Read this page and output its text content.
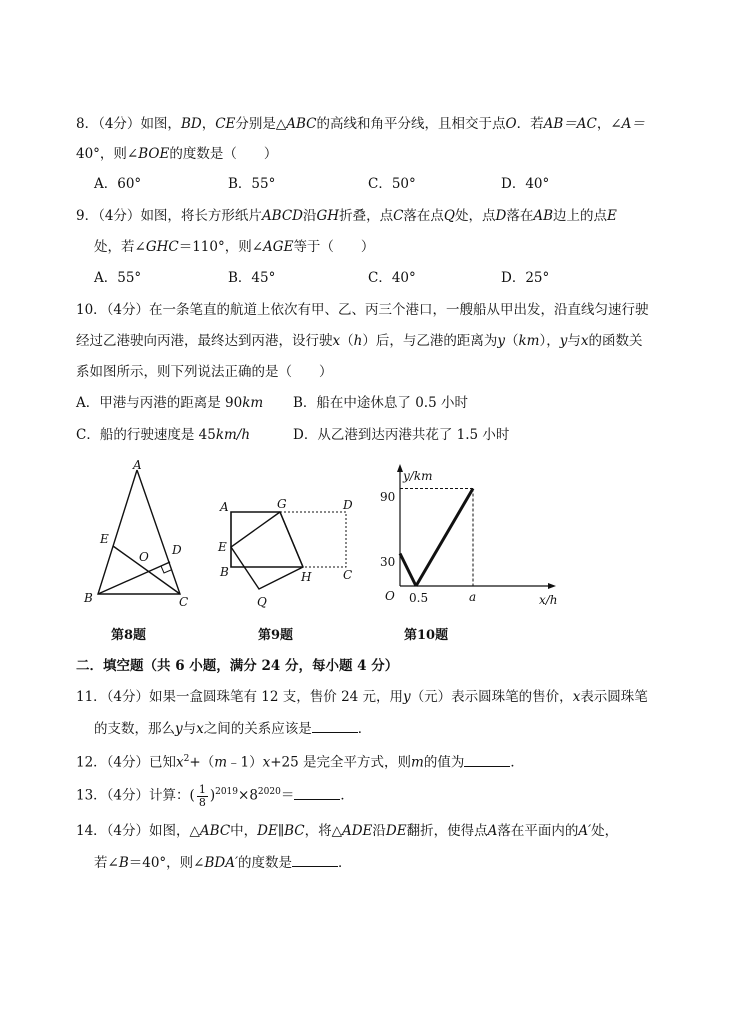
8．（4分）如图，BD，CE分别是△ABC的高线和角平分线，且相交于点O．若AB＝AC，∠A＝
40°，则∠BOE的度数是（　　）
A．60°	B．55°	C．50°	D．40°
9．（4分）如图，将长方形纸片ABCD沿GH折叠，点C落在点Q处，点D落在AB边上的点E
处，若∠GHC＝110°，则∠AGE等于（　　）
A．55°	B．45°	C．40°	D．25°
10．（4分）在一条笔直的航道上依次有甲、乙、丙三个港口，一艘船从甲出发，沿直线匀速行驶
经过乙港驶向丙港，最终达到丙港，设行驶x（h）后，与乙港的距离为y（km），y与x的函数关
系如图所示，则下列说法正确的是（　　）
A．甲港与丙港的距离是 90km B．船在中途休息了 0.5 小时
C．船的行驶速度是 45km/h	D．从乙港到达丙港共花了 1.5 小时
A
B	C
D
E
O
第8题
A	G	D
E
B	H	C
Q
第9题
y/km
x/h
O
90
30
0.5	a
第10题
二．填空题（共 6 小题，满分 24 分，每小题 4 分）
11．（4分）如果一盒圆珠笔有 12 支，售价 24 元，用y（元）表示圆珠笔的售价，x表示圆珠笔
的支数，那么y与x之间的关系应该是	．
12．（4分）已知$x^2+(m﹣1)x+25$ 是完全平方式，则m的值为	．
13．（4分）计算：( $\frac{1}{8} )^{2019}\times 8^{2020}=$	．
14．（4分）如图，△ABC中，DE∥BC，将△ADE沿DE翻折，使得点A落在平面内的A′处，
若∠B＝40°，则∠BDA′的度数是	．
